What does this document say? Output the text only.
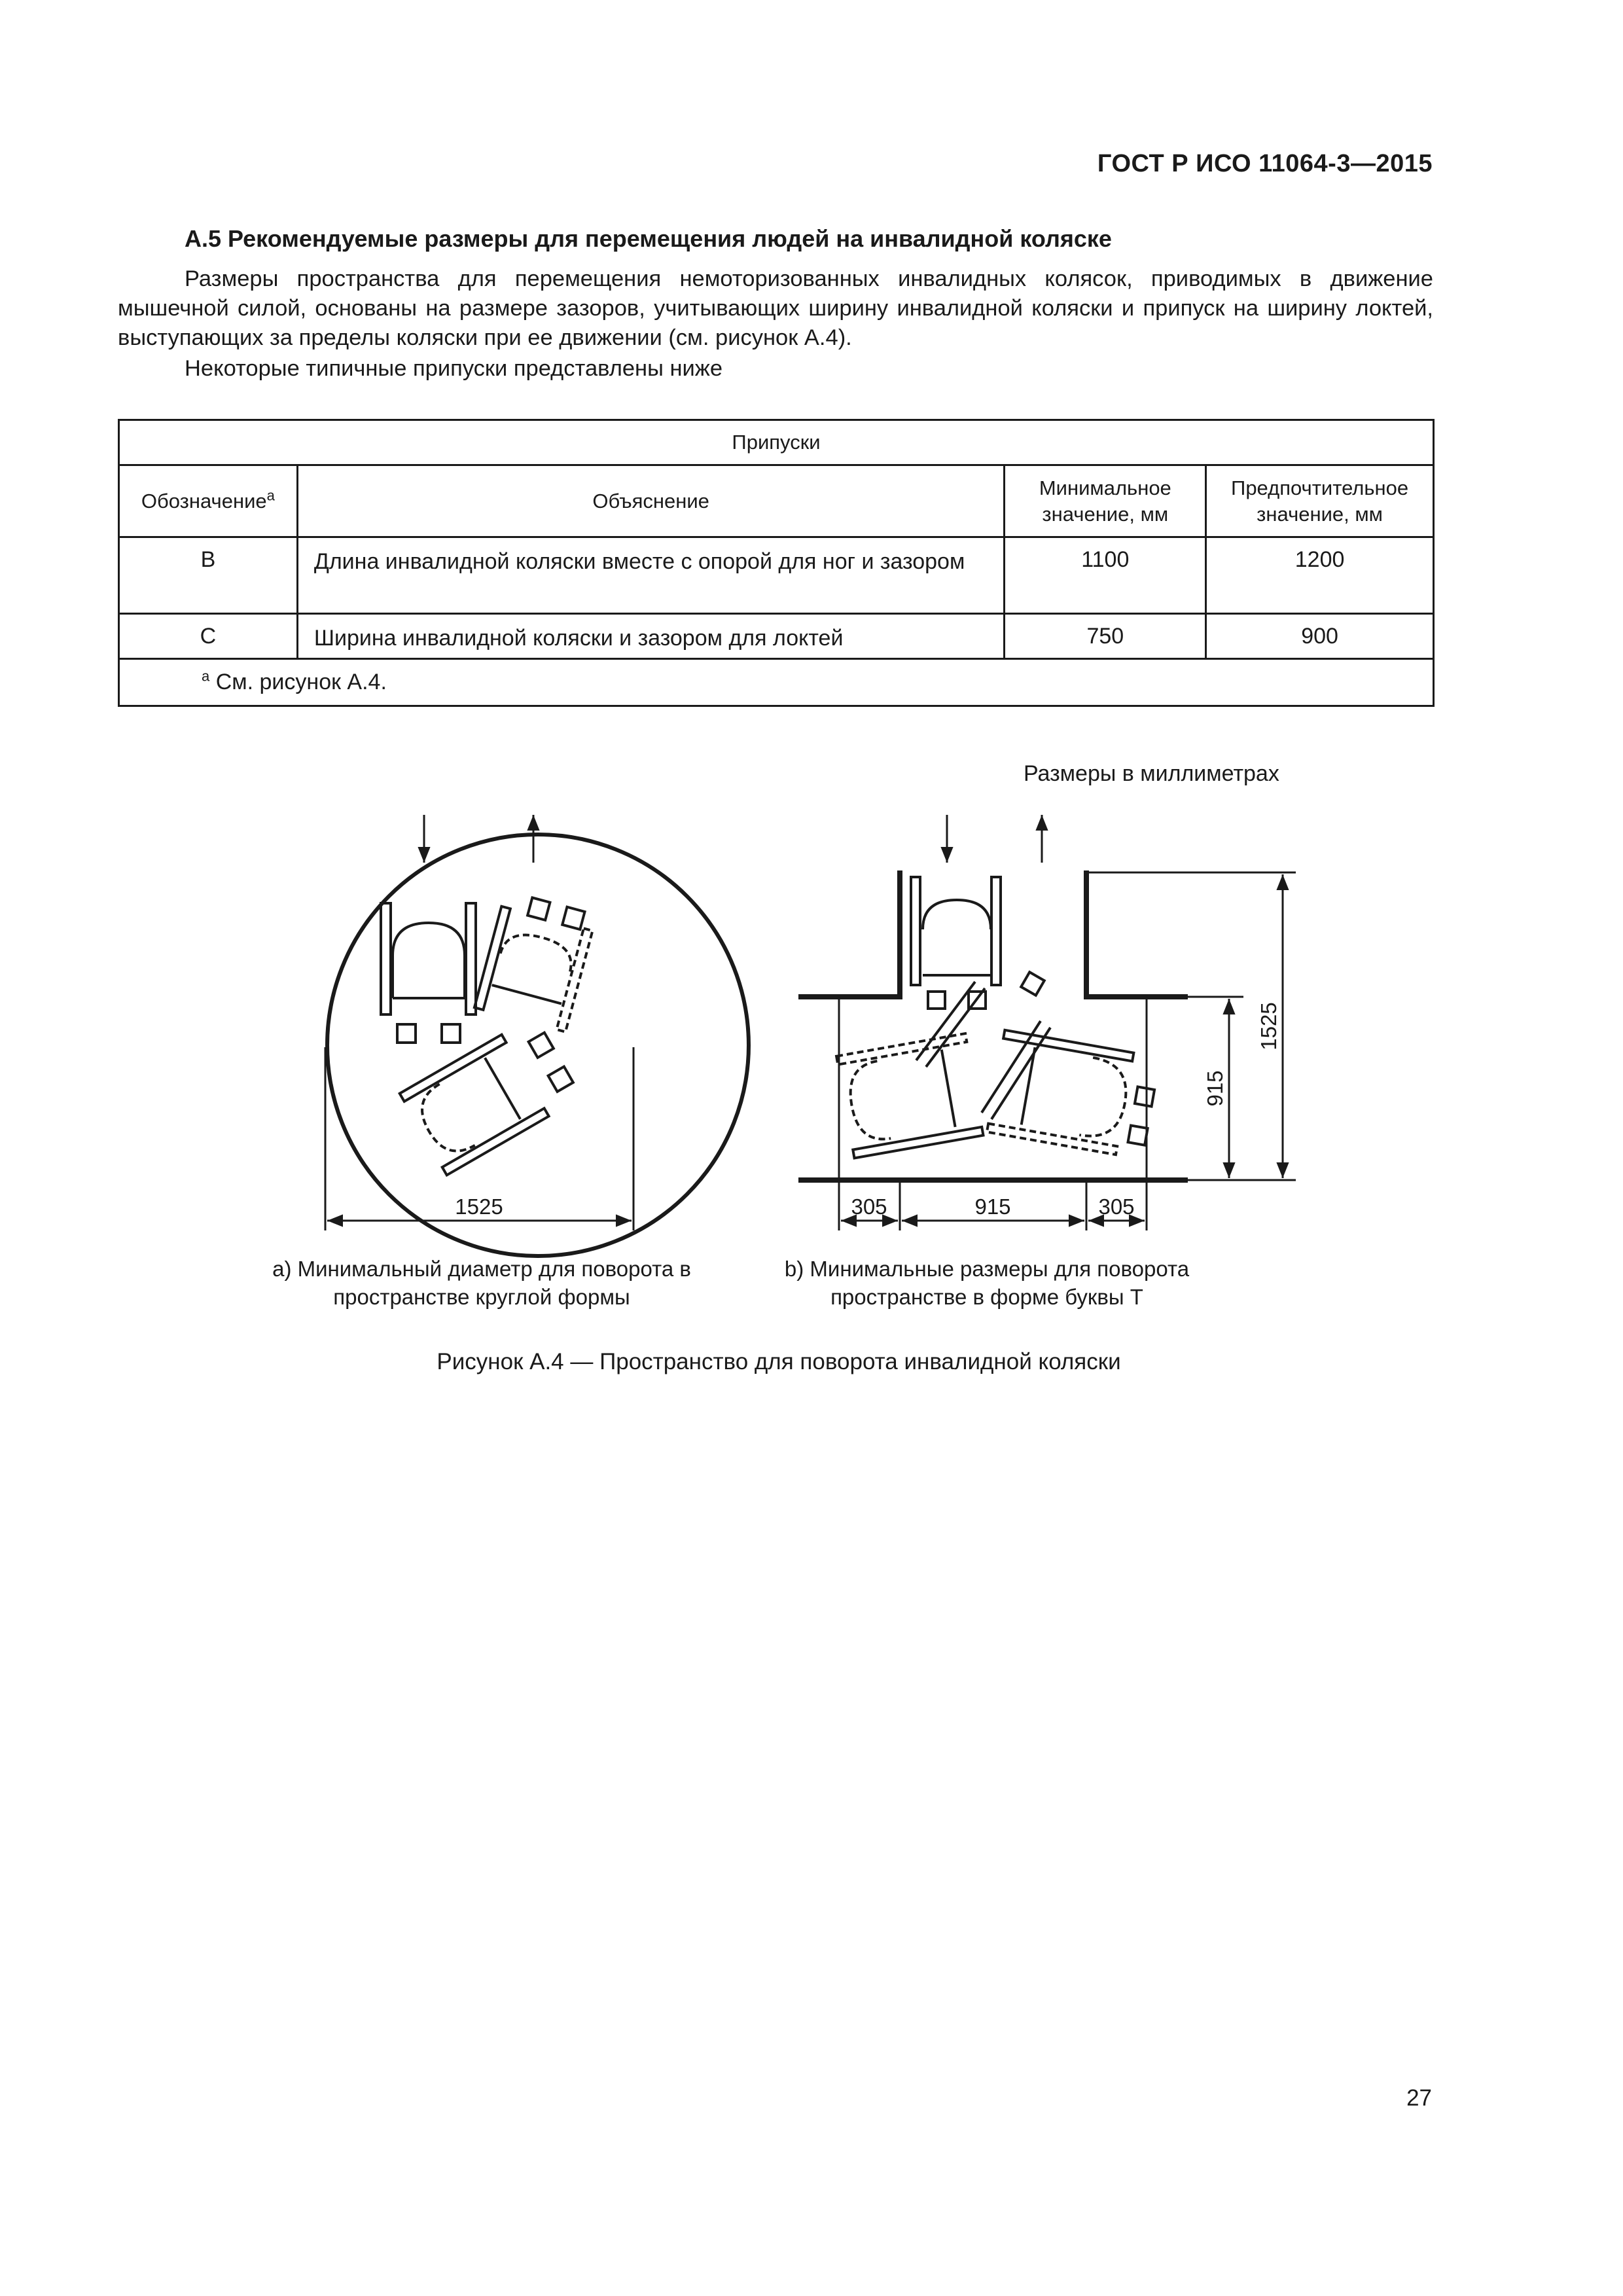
ГОСТ Р ИСО 11064-3—2015
А.5 Рекомендуемые размеры для перемещения людей на инвалидной коляске
Размеры пространства для перемещения немоторизованных инвалидных колясок, приводимых в движение мышечной силой, основаны на размере зазоров, учитывающих ширину инвалидной коляски и припуск на ширину локтей, выступающих за пределы коляски при ее движении (см. рисунок А.4).
Некоторые типичные припуски представлены ниже
Припуски			
Обозначение$^a$	Объяснение	Минимальное значение, мм	Предпочтительное значение, мм
B	Длина инвалидной коляски вместе с опорой для ног и зазором	1100	1200
C	Ширина инвалидной коляски и зазором для локтей	750	900
$^a$ См. рисунок А.4.			
Размеры в миллиметрах
1525	305	915	305
915
1525
а) Минимальный диаметр для поворота в пространстве круглой формы
b) Минимальные размеры для поворота пространстве в форме буквы Т
Рисунок А.4 — Пространство для поворота инвалидной коляски
27
